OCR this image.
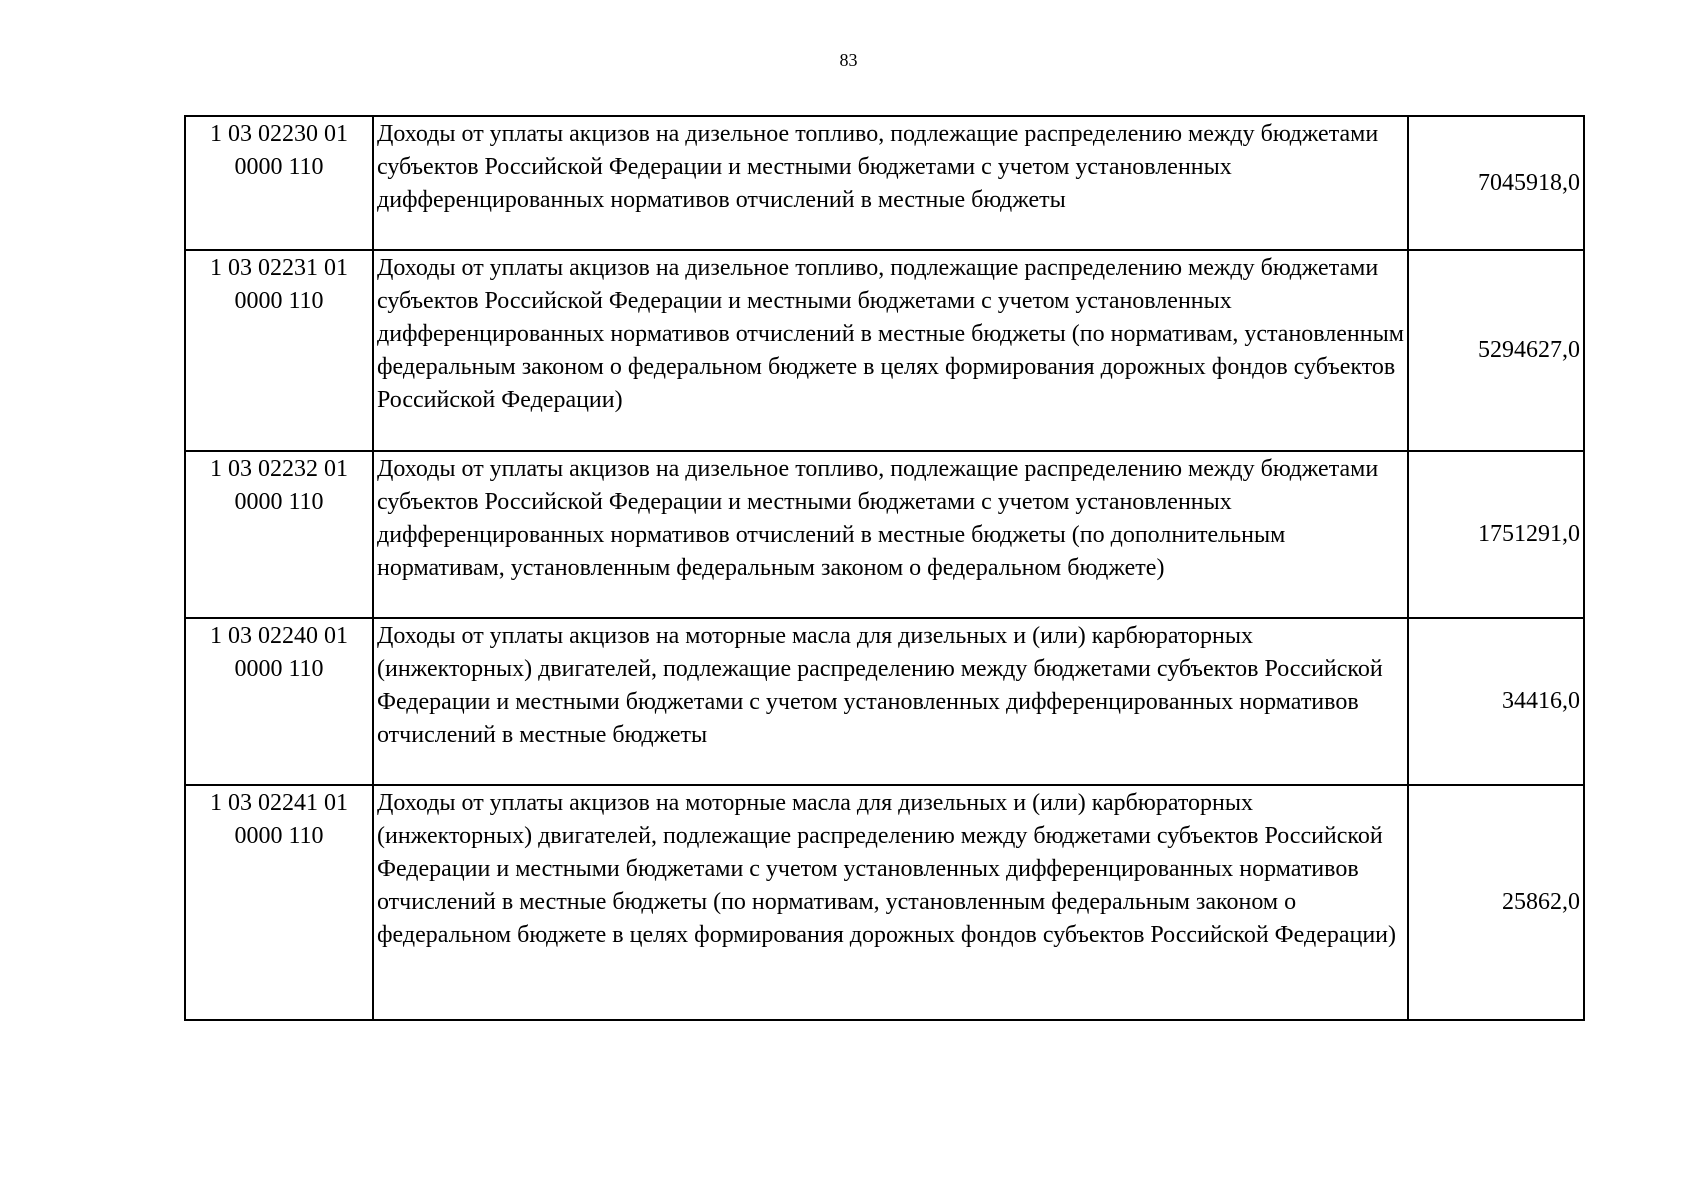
83
1 03 02230 01 0000 110	Доходы от уплаты акцизов на дизельное топливо, подлежащие распределению между бюджетами субъектов Российской Федерации и местными бюджетами с учетом установленных дифференцированных нормативов отчислений в местные бюджеты	7045918,0
1 03 02231 01 0000 110	Доходы от уплаты акцизов на дизельное топливо, подлежащие распределению между бюджетами субъектов Российской Федерации и местными бюджетами с учетом установленных дифференцированных нормативов отчислений в местные бюджеты (по нормативам, установленным федеральным законом о федеральном бюджете в целях формирования дорожных фондов субъектов Российской Федерации)	5294627,0
1 03 02232 01 0000 110	Доходы от уплаты акцизов на дизельное топливо, подлежащие распределению между бюджетами субъектов Российской Федерации и местными бюджетами с учетом установленных дифференцированных нормативов отчислений в местные бюджеты (по дополнительным нормативам, установленным федеральным законом о федеральном бюджете)	1751291,0
1 03 02240 01 0000 110	Доходы от уплаты акцизов на моторные масла для дизельных и (или) карбюраторных (инжекторных) двигателей, подлежащие распределению между бюджетами субъектов Российской Федерации и местными бюджетами с учетом установленных дифференцированных нормативов отчислений в местные бюджеты	34416,0
1 03 02241 01 0000 110	Доходы от уплаты акцизов на моторные масла для дизельных и (или) карбюраторных (инжекторных) двигателей, подлежащие распределению между бюджетами субъектов Российской Федерации и местными бюджетами с учетом установленных дифференцированных нормативов отчислений в местные бюджеты (по нормативам, установленным федеральным законом о федеральном бюджете в целях формирования дорожных фондов субъектов Российской Федерации)	25862,0
